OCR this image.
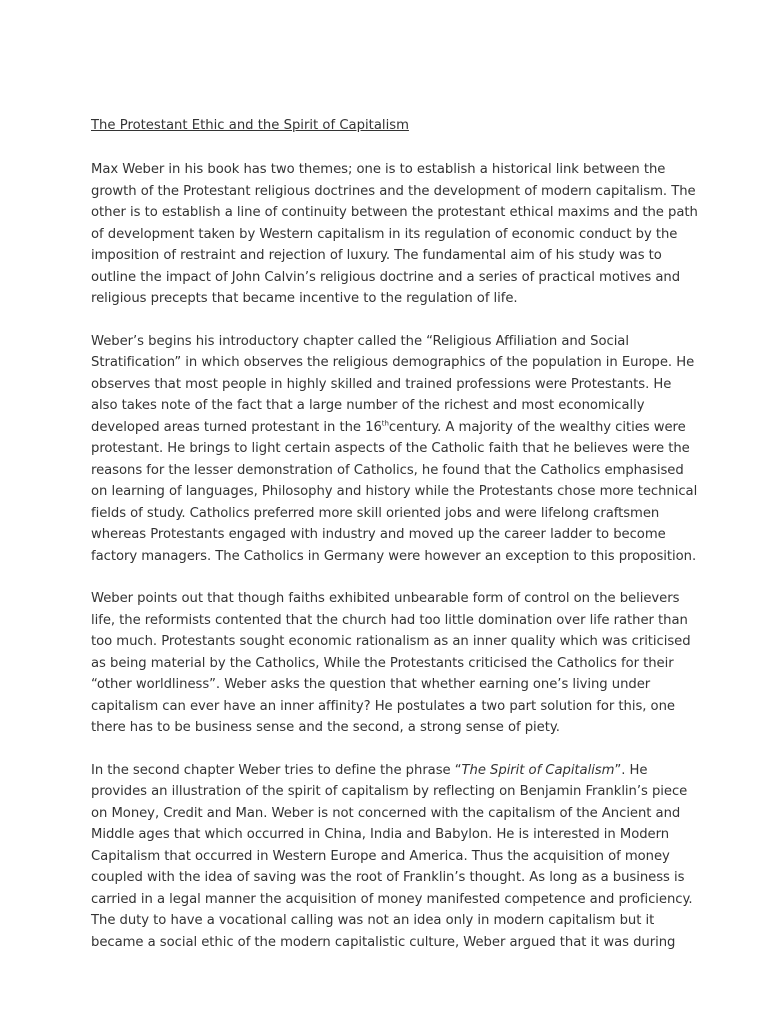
The Protestant Ethic and the Spirit of Capitalism
Max Weber in his book has two themes; one is to establish a historical link between the
growth of the Protestant religious doctrines and the development of modern capitalism. The
other is to establish a line of continuity between the protestant ethical maxims and the path
of development taken by Western capitalism in its regulation of economic conduct by the
imposition of restraint and rejection of luxury. The fundamental aim of his study was to
outline the impact of John Calvin’s religious doctrine and a series of practical motives and
religious precepts that became incentive to the regulation of life.
Weber’s begins his introductory chapter called the “Religious Affiliation and Social
Stratification” in which observes the religious demographics of the population in Europe. He
observes that most people in highly skilled and trained professions were Protestants. He
also takes note of the fact that a large number of the richest and most economically
developed areas turned protestant in the 16thcentury. A majority of the wealthy cities were
protestant. He brings to light certain aspects of the Catholic faith that he believes were the
reasons for the lesser demonstration of Catholics, he found that the Catholics emphasised
on learning of languages, Philosophy and history while the Protestants chose more technical
fields of study. Catholics preferred more skill oriented jobs and were lifelong craftsmen
whereas Protestants engaged with industry and moved up the career ladder to become
factory managers. The Catholics in Germany were however an exception to this proposition.
Weber points out that though faiths exhibited unbearable form of control on the believers
life, the reformists contented that the church had too little domination over life rather than
too much. Protestants sought economic rationalism as an inner quality which was criticised
as being material by the Catholics, While the Protestants criticised the Catholics for their
“other worldliness”. Weber asks the question that whether earning one’s living under
capitalism can ever have an inner affinity? He postulates a two part solution for this, one
there has to be business sense and the second, a strong sense of piety.
In the second chapter Weber tries to define the phrase “The Spirit of Capitalism”. He
provides an illustration of the spirit of capitalism by reflecting on Benjamin Franklin’s piece
on Money, Credit and Man. Weber is not concerned with the capitalism of the Ancient and
Middle ages that which occurred in China, India and Babylon. He is interested in Modern
Capitalism that occurred in Western Europe and America. Thus the acquisition of money
coupled with the idea of saving was the root of Franklin’s thought. As long as a business is
carried in a legal manner the acquisition of money manifested competence and proficiency.
The duty to have a vocational calling was not an idea only in modern capitalism but it
became a social ethic of the modern capitalistic culture, Weber argued that it was during
